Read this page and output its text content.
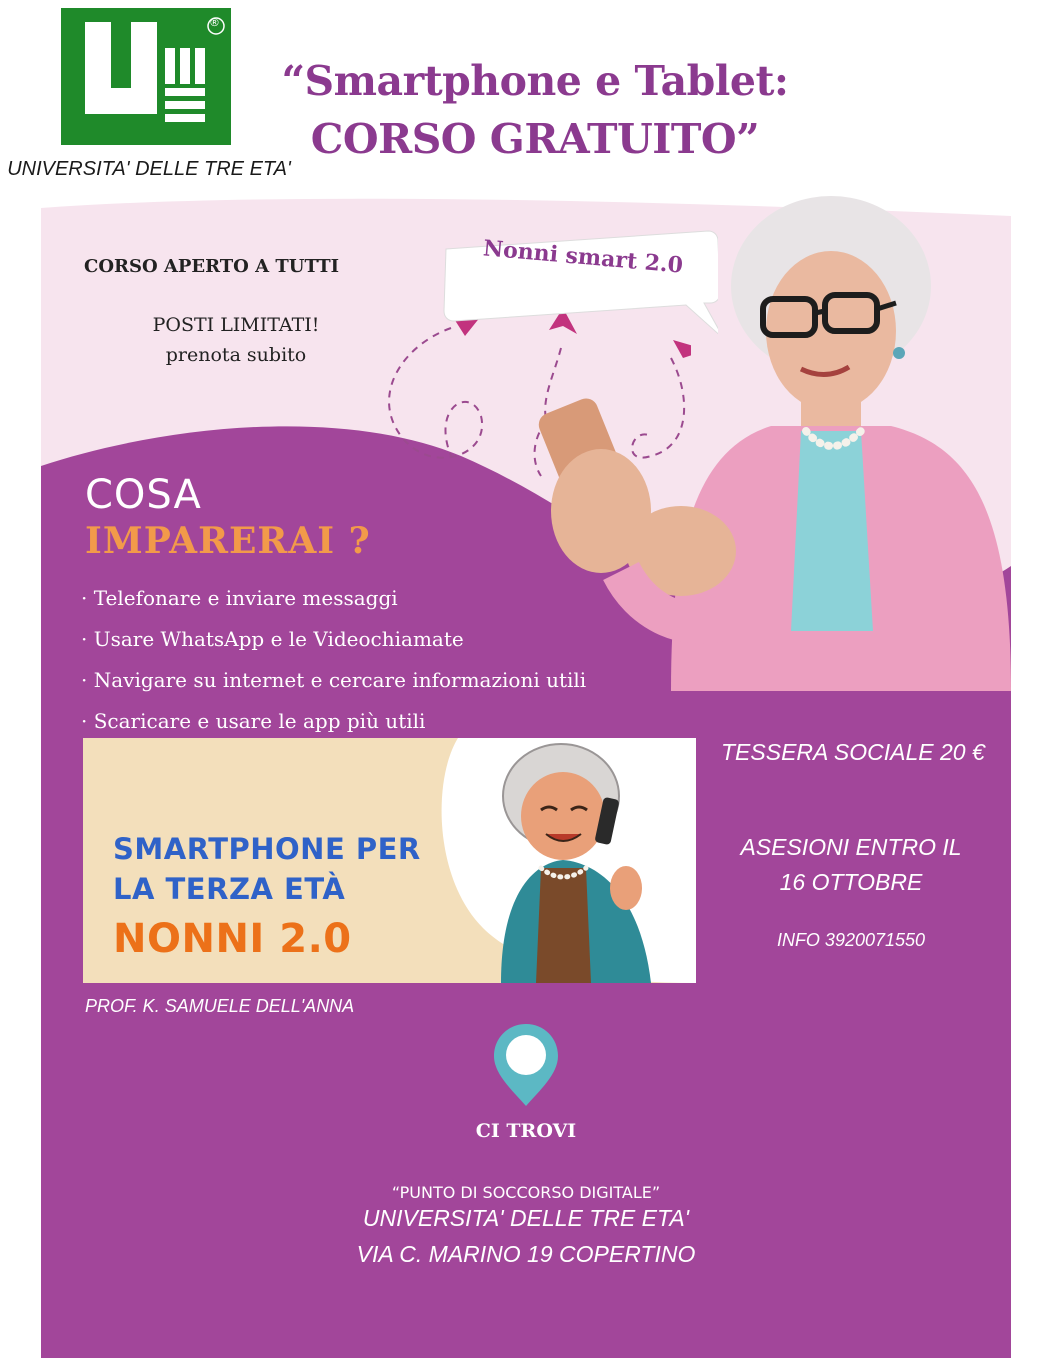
®
UNIVERSITA' DELLE TRE ETA'
“Smartphone e Tablet:
CORSO GRATUITO”
CORSO APERTO A TUTTI
POSTI LIMITATI!
prenota subito
Nonni smart 2.0
COSA
IMPARERAI ?
· Telefonare e inviare messaggi
· Usare WhatsApp e le Videochiamate
· Navigare su internet e cercare informazioni utili
· Scaricare e usare le app più utili
SMARTPHONE PER
LA TERZA ETÀ
NONNI 2.0
TESSERA SOCIALE 20 €
ASESIONI ENTRO IL
16 OTTOBRE
INFO 3920071550
PROF. K. SAMUELE DELL'ANNA
CI TROVI
“PUNTO DI SOCCORSO DIGITALE”
UNIVERSITA' DELLE TRE ETA'
VIA C. MARINO 19 COPERTINO
